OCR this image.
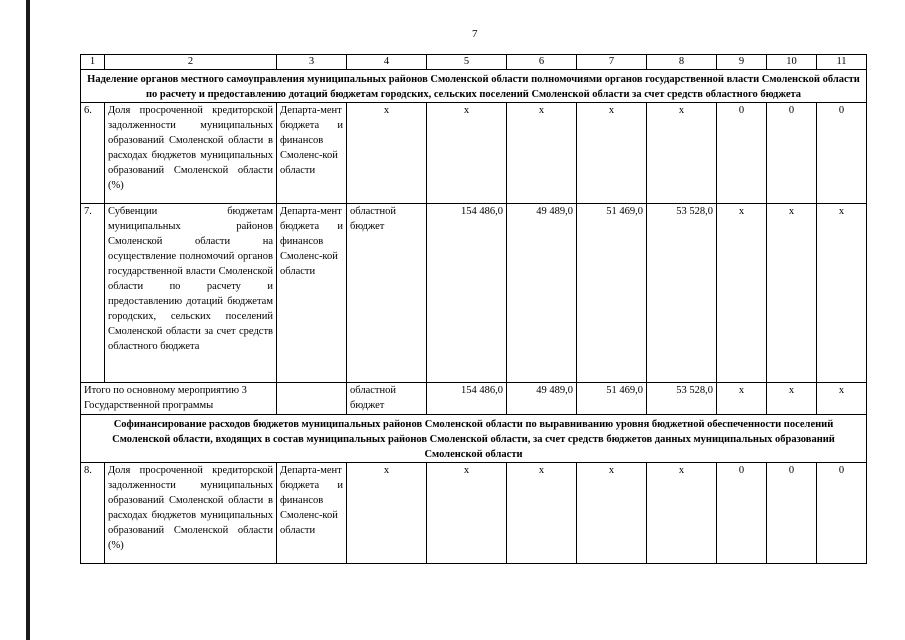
7
1	2	3	4	5	6	7	8	9	10	11
Наделение органов местного самоуправления муниципальных районов Смоленской области полномочиями органов государственной власти Смоленской области по расчету и предоставлению дотаций бюджетам городских, сельских поселений Смоленской области за счет средств областного бюджета										
6.	Доля просроченной кредиторской задолженности муниципальных образований Смоленской области в расходах бюджетов муниципальных образований Смоленской области (%)	Департа-мент бюджета и финансов Смоленс-кой области	x	x	x	x	x	0	0	0
7.	Субвенции бюджетам муниципальных районов Смоленской области на осуществление полномочий органов государственной власти Смоленской области по расчету и предоставлению дотаций бюджетам городских, сельских поселений Смоленской области за счет средств областного бюджета	Департа-мент бюджета и финансов Смоленс-кой области	областной бюджет	154 486,0	49 489,0	51 469,0	53 528,0	x	x	x
Итого по основному мероприятию 3 Государственной программы			областной бюджет	154 486,0	49 489,0	51 469,0	53 528,0	x	x	x
Софинансирование расходов бюджетов муниципальных районов Смоленской области по выравниванию уровня бюджетной обеспеченности поселений Смоленской области, входящих в состав муниципальных районов Смоленской области, за счет средств бюджетов данных муниципальных образований Смоленской области										
8.	Доля просроченной кредиторской задолженности муниципальных образований Смоленской области в расходах бюджетов муниципальных образований Смоленской области (%)	Департа-мент бюджета и финансов Смоленс-кой области	x	x	x	x	x	0	0	0
